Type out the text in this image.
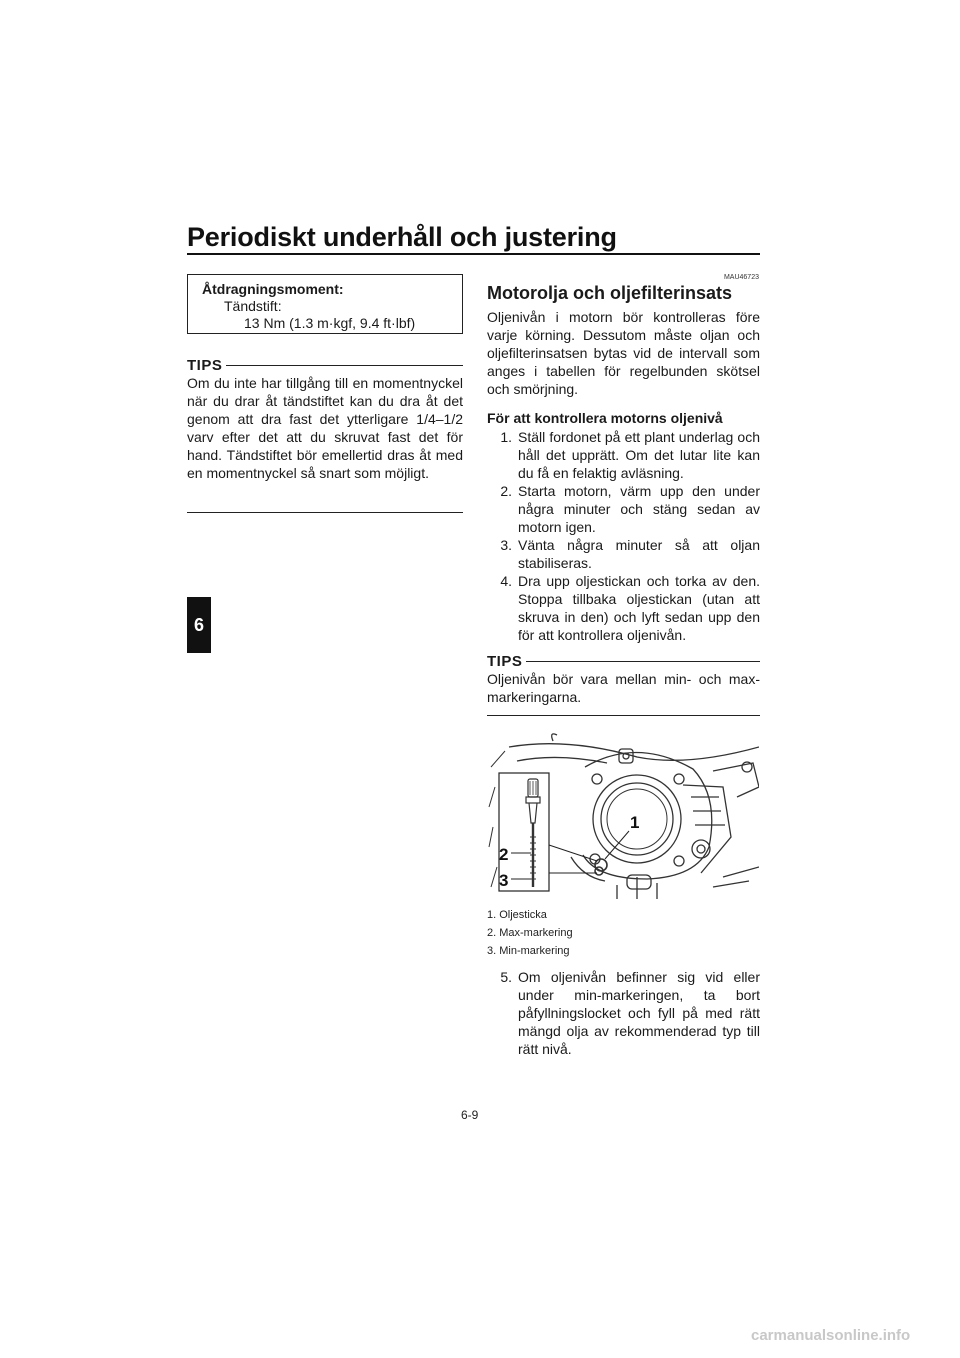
Periodiskt underhåll och justering
6
Åtdragningsmoment:
Tändstift:
13 Nm (1.3 m·kgf, 9.4 ft·lbf)
TIPS
Om du inte har tillgång till en momentnyckel när du drar åt tändstiftet kan du dra åt det genom att dra fast det ytterligare 1/4–1/2 varv efter det att du skruvat fast det för hand. Tändstiftet bör emellertid dras åt med en momentnyckel så snart som möjligt.
MAU46723
Motorolja och oljefilterinsats
Oljenivån i motorn bör kontrolleras före varje körning. Dessutom måste oljan och oljefilterinsatsen bytas vid de intervall som anges i tabellen för regelbunden skötsel och smörjning.
För att kontrollera motorns oljenivå
1. Ställ fordonet på ett plant underlag och håll det upprätt. Om det lutar lite kan du få en felaktig avläsning.
2. Starta motorn, värm upp den under några minuter och stäng sedan av motorn igen.
3. Vänta några minuter så att oljan stabiliseras.
4. Dra upp oljestickan och torka av den. Stoppa tillbaka oljestickan (utan att skruva in den) och lyft sedan upp den för att kontrollera oljenivån.
TIPS
Oljenivån bör vara mellan min- och max-markeringarna.
1
2
3
1. Oljesticka
2. Max-markering
3. Min-markering
5. Om oljenivån befinner sig vid eller under min-markeringen, ta bort påfyllningslocket och fyll på med rätt mängd olja av rekommenderad typ till rätt nivå.
6-9
carmanualsonline.info
